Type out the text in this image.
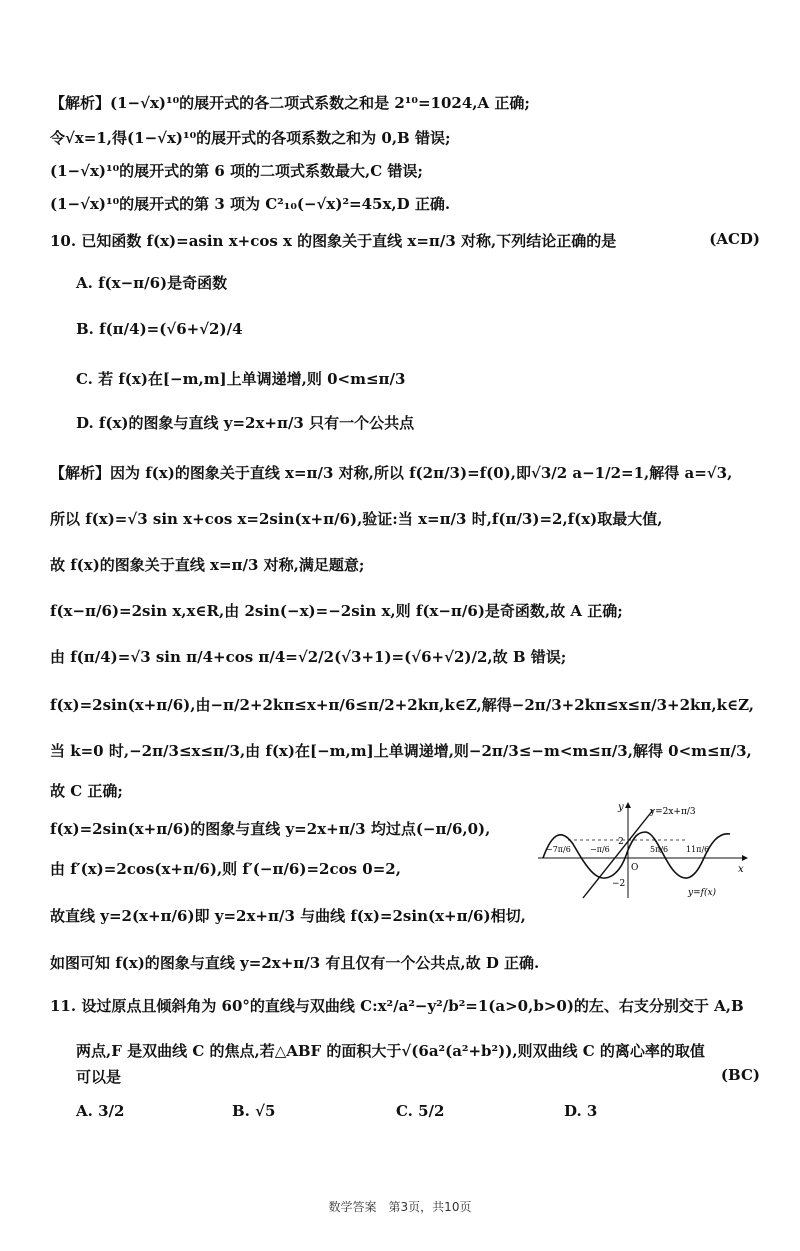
【解析】(1−√x)¹⁰的展开式的各二项式系数之和是 2¹⁰=1024,A 正确;
令√x=1,得(1−√x)¹⁰的展开式的各项系数之和为 0,B 错误;
(1−√x)¹⁰的展开式的第 6 项的二项式系数最大,C 错误;
(1−√x)¹⁰的展开式的第 3 项为 C²₁₀(−√x)²=45x,D 正确.
10. 已知函数 f(x)=asin x+cos x 的图象关于直线 x=π/3 对称,下列结论正确的是	(ACD)
A. f(x−π/6)是奇函数
B. f(π/4)=(√6+√2)/4
C. 若 f(x)在[−m,m]上单调递增,则 0<m≤π/3
D. f(x)的图象与直线 y=2x+π/3 只有一个公共点
【解析】因为 f(x)的图象关于直线 x=π/3 对称,所以 f(2π/3)=f(0),即√3/2 a−1/2=1,解得 a=√3,
所以 f(x)=√3 sin x+cos x=2sin(x+π/6),验证:当 x=π/3 时,f(π/3)=2,f(x)取最大值,
故 f(x)的图象关于直线 x=π/3 对称,满足题意;
f(x−π/6)=2sin x,x∈R,由 2sin(−x)=−2sin x,则 f(x−π/6)是奇函数,故 A 正确;
由 f(π/4)=√3 sin π/4+cos π/4=√2/2(√3+1)=(√6+√2)/2,故 B 错误;
f(x)=2sin(x+π/6),由−π/2+2kπ≤x+π/6≤π/2+2kπ,k∈Z,解得−2π/3+2kπ≤x≤π/3+2kπ,k∈Z,
当 k=0 时,−2π/3≤x≤π/3,由 f(x)在[−m,m]上单调递增,则−2π/3≤−m<m≤π/3,解得 0<m≤π/3,
故 C 正确;
f(x)=2sin(x+π/6)的图象与直线 y=2x+π/3 均过点(−π/6,0),
由 f′(x)=2cos(x+π/6),则 f′(−π/6)=2cos 0=2,
故直线 y=2(x+π/6)即 y=2x+π/3 与曲线 f(x)=2sin(x+π/6)相切,
如图可知 f(x)的图象与直线 y=2x+π/3 有且仅有一个公共点,故 D 正确.
y=2x+π/3
y=f(x)
y
x
O
2
−2
−7π/6 −π/6	5π/6 11π/6
11. 设过原点且倾斜角为 60°的直线与双曲线 C:x²/a²−y²/b²=1(a>0,b>0)的左、右支分别交于 A,B
两点,F 是双曲线 C 的焦点,若△ABF 的面积大于√(6a²(a²+b²)),则双曲线 C 的离心率的取值
可以是	(BC)
A. 3/2	B. √5	C. 5/2	D. 3
数学答案　第3页，共10页
